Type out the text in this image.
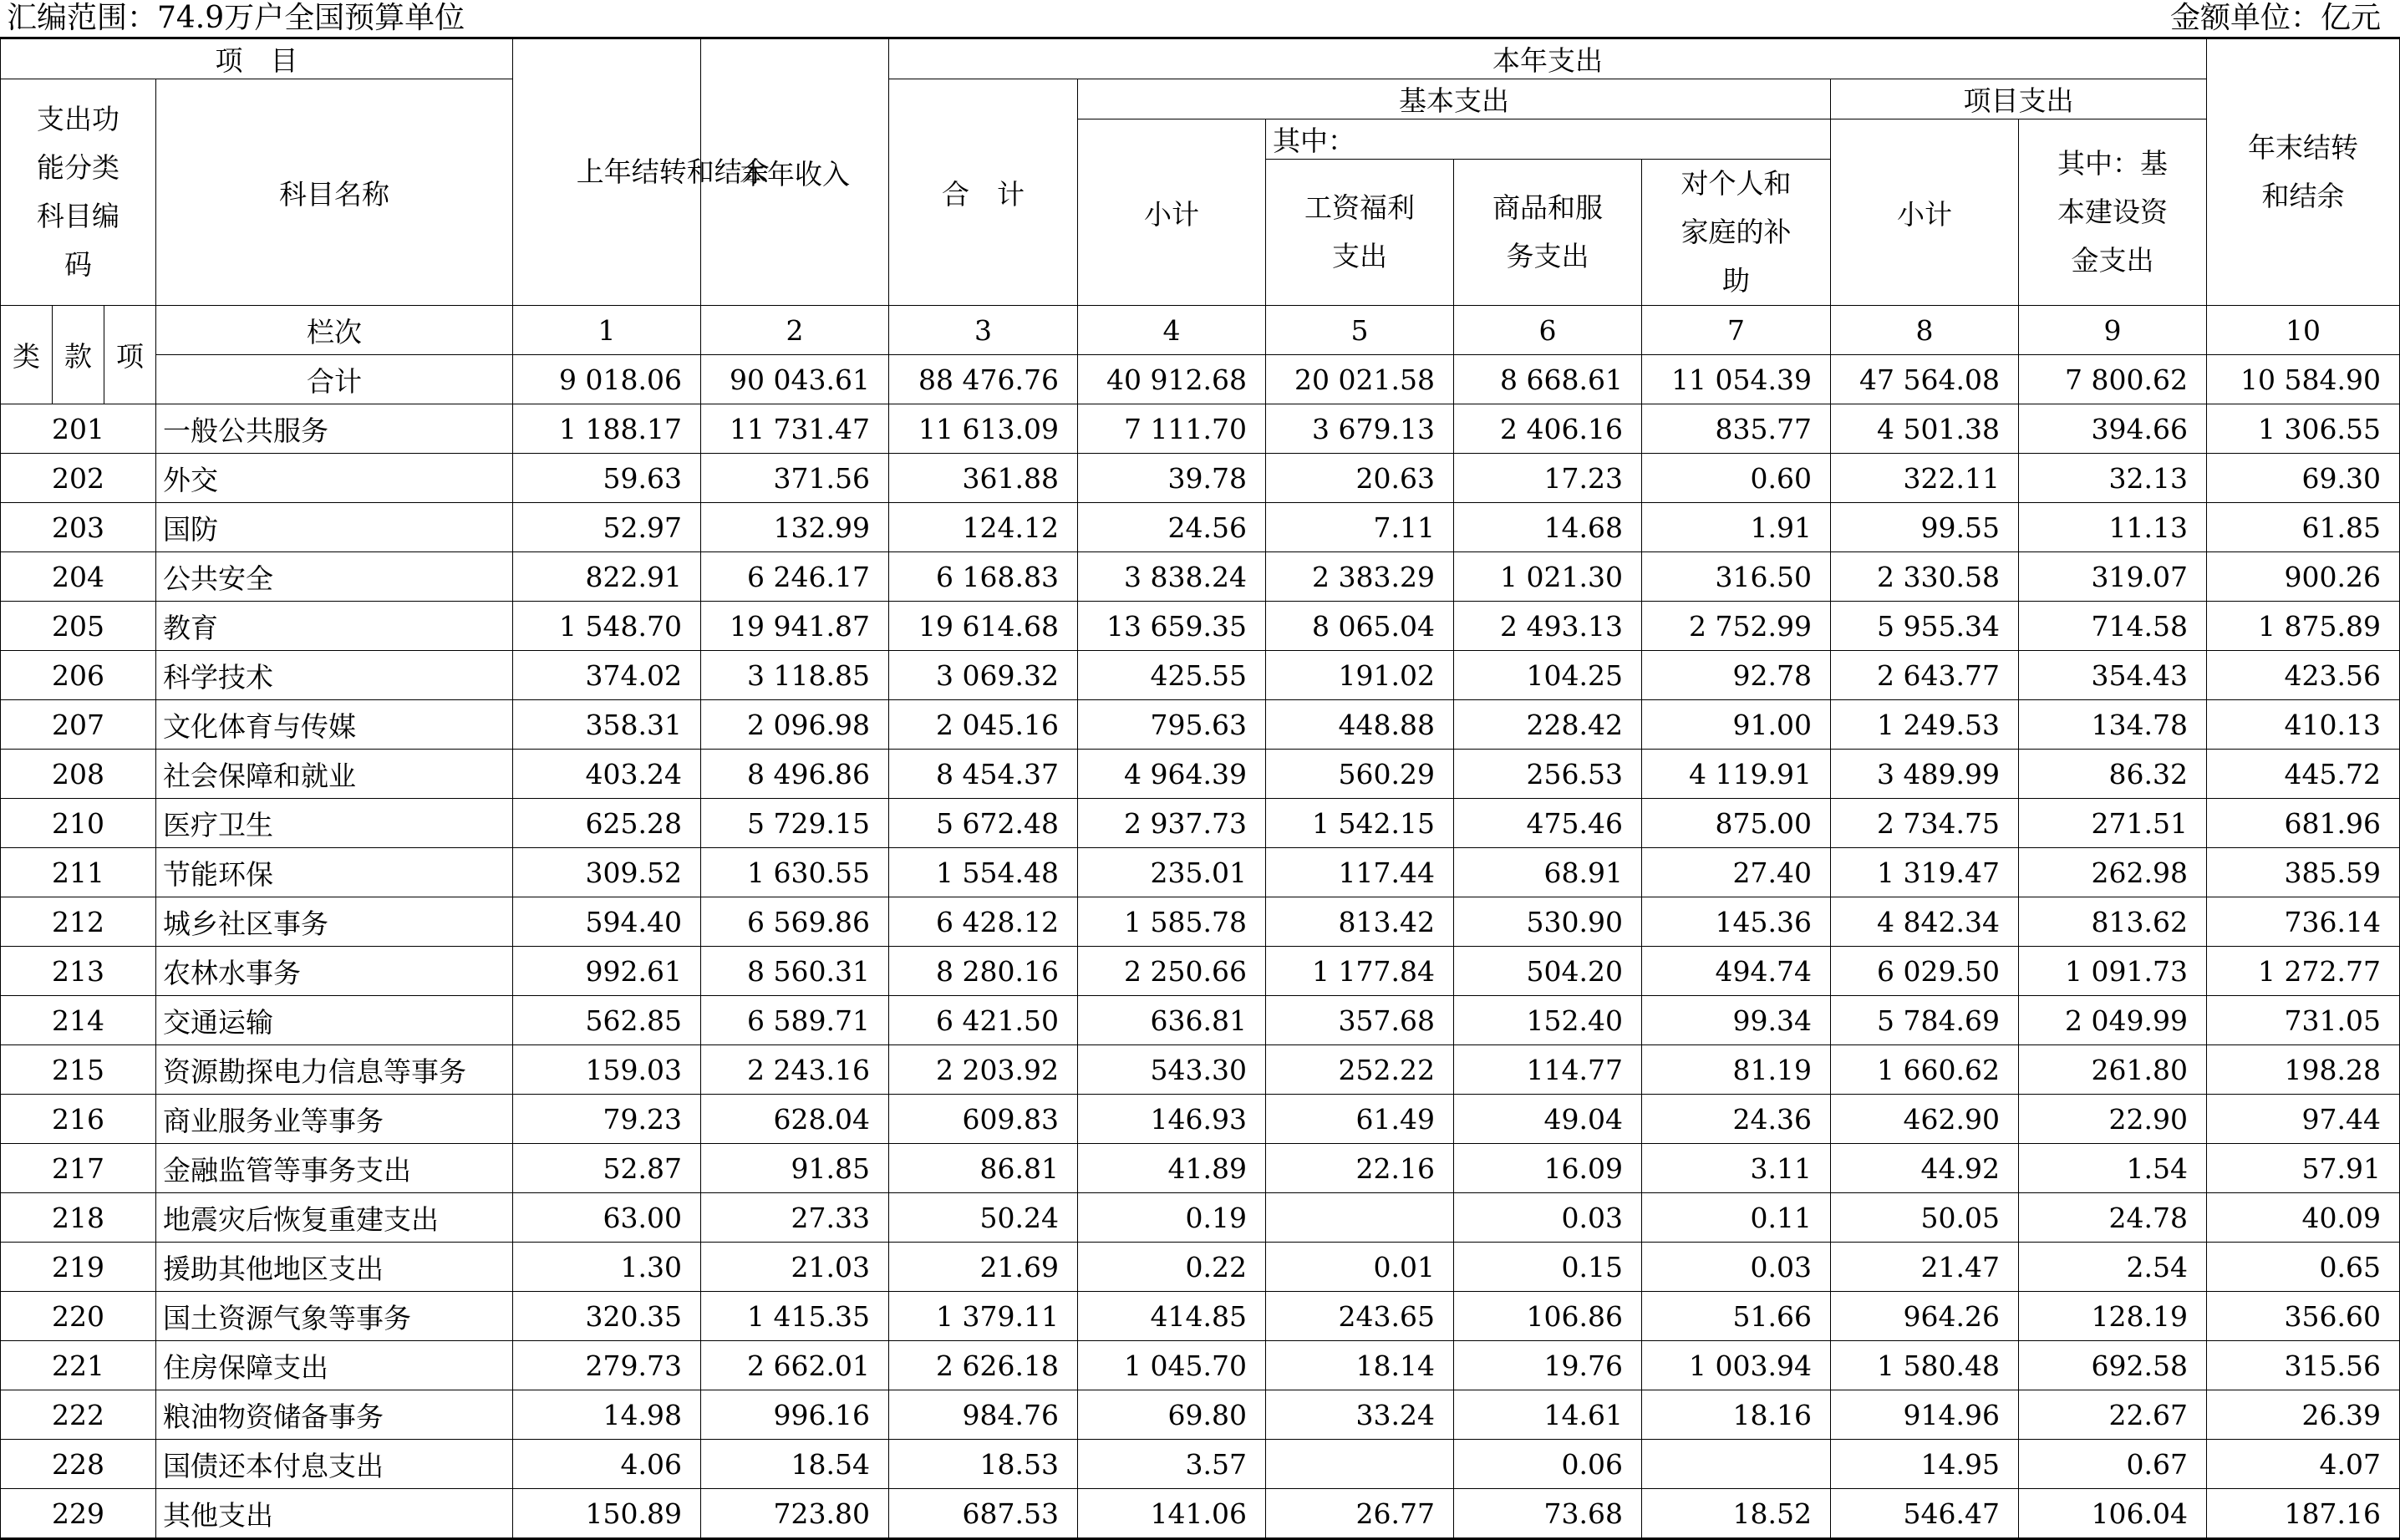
汇编范围：74.9万户全国预算单位	金额单位：亿元
项　目				上年结转和结余	本年收入	本年支出							年末结转和结余

支出功能分类科目编码			科目名称			合　计	基本支出				项目支出		
							小计	其中：			小计	其中：基本建设资金支出	

								工资福利支出	商品和服务支出	对个人和家庭的补助			

类	款	项	栏次	1	2	3	4	5	6	7	8	9	10
			合计	9 018.06	90 043.61	88 476.76	40 912.68	20 021.58	8 668.61	11 054.39	47 564.08	7 800.62	10 584.90
201			一般公共服务	1 188.17	11 731.47	11 613.09	7 111.70	3 679.13	2 406.16	835.77	4 501.38	394.66	1 306.55
202			外交	59.63	371.56	361.88	39.78	20.63	17.23	0.60	322.11	32.13	69.30
203			国防	52.97	132.99	124.12	24.56	7.11	14.68	1.91	99.55	11.13	61.85
204			公共安全	822.91	6 246.17	6 168.83	3 838.24	2 383.29	1 021.30	316.50	2 330.58	319.07	900.26
205			教育	1 548.70	19 941.87	19 614.68	13 659.35	8 065.04	2 493.13	2 752.99	5 955.34	714.58	1 875.89
206			科学技术	374.02	3 118.85	3 069.32	425.55	191.02	104.25	92.78	2 643.77	354.43	423.56
207			文化体育与传媒	358.31	2 096.98	2 045.16	795.63	448.88	228.42	91.00	1 249.53	134.78	410.13
208			社会保障和就业	403.24	8 496.86	8 454.37	4 964.39	560.29	256.53	4 119.91	3 489.99	86.32	445.72
210			医疗卫生	625.28	5 729.15	5 672.48	2 937.73	1 542.15	475.46	875.00	2 734.75	271.51	681.96
211			节能环保	309.52	1 630.55	1 554.48	235.01	117.44	68.91	27.40	1 319.47	262.98	385.59
212			城乡社区事务	594.40	6 569.86	6 428.12	1 585.78	813.42	530.90	145.36	4 842.34	813.62	736.14
213			农林水事务	992.61	8 560.31	8 280.16	2 250.66	1 177.84	504.20	494.74	6 029.50	1 091.73	1 272.77
214			交通运输	562.85	6 589.71	6 421.50	636.81	357.68	152.40	99.34	5 784.69	2 049.99	731.05
215			资源勘探电力信息等事务	159.03	2 243.16	2 203.92	543.30	252.22	114.77	81.19	1 660.62	261.80	198.28
216			商业服务业等事务	79.23	628.04	609.83	146.93	61.49	49.04	24.36	462.90	22.90	97.44
217			金融监管等事务支出	52.87	91.85	86.81	41.89	22.16	16.09	3.11	44.92	1.54	57.91
218			地震灾后恢复重建支出	63.00	27.33	50.24	0.19		0.03	0.11	50.05	24.78	40.09
219			援助其他地区支出	1.30	21.03	21.69	0.22	0.01	0.15	0.03	21.47	2.54	0.65
220			国土资源气象等事务	320.35	1 415.35	1 379.11	414.85	243.65	106.86	51.66	964.26	128.19	356.60
221			住房保障支出	279.73	2 662.01	2 626.18	1 045.70	18.14	19.76	1 003.94	1 580.48	692.58	315.56
222			粮油物资储备事务	14.98	996.16	984.76	69.80	33.24	14.61	18.16	914.96	22.67	26.39
228			国债还本付息支出	4.06	18.54	18.53	3.57		0.06		14.95	0.67	4.07
229			其他支出	150.89	723.80	687.53	141.06	26.77	73.68	18.52	546.47	106.04	187.16
